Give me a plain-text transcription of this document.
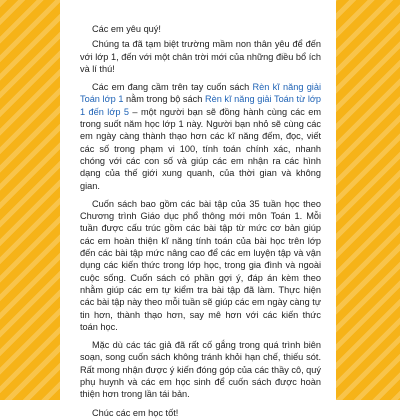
Các em yêu quý!

Chúng ta đã tạm biệt trường mầm non thân yêu để đến với lớp 1, đến với một chân trời mới của những điều bổ ích và lí thú!

Các em đang cầm trên tay cuốn sách Rèn kĩ năng giải Toán lớp 1 nằm trong bộ sách Rèn kĩ năng giải Toán từ lớp 1 đến lớp 5 – một người bạn sẽ đồng hành cùng các em trong suốt năm học lớp 1 này. Người bạn nhỏ sẽ cùng các em ngày càng thành thạo hơn các kĩ năng đếm, đọc, viết các số trong phạm vi 100, tính toán chính xác, nhanh chóng với các con số và giúp các em nhận ra các hình dạng của thế giới xung quanh, của thời gian và không gian.

Cuốn sách bao gồm các bài tập của 35 tuần học theo Chương trình Giáo dục phổ thông mới môn Toán 1. Mỗi tuần được cấu trúc gồm các bài tập từ mức cơ bản giúp các em hoàn thiện kĩ năng tính toán của bài học trên lớp đến các bài tập mức nâng cao để các em luyện tập và vận dụng các kiến thức trong lớp học, trong gia đình và ngoài cuộc sống. Cuốn sách có phần gợi ý, đáp án kèm theo nhằm giúp các em tự kiểm tra bài tập đã làm. Thực hiện các bài tập này theo mỗi tuần sẽ giúp các em ngày càng tự tin hơn, thành thạo hơn, say mê hơn với các kiến thức toán học.

Mặc dù các tác giả đã rất cố gắng trong quá trình biên soạn, song cuốn sách không tránh khỏi hạn chế, thiếu sót. Rất mong nhận được ý kiến đóng góp của các thầy cô, quý phụ huynh và các em học sinh để cuốn sách được hoàn thiện hơn trong lần tái bản.

Chúc các em học tốt!
